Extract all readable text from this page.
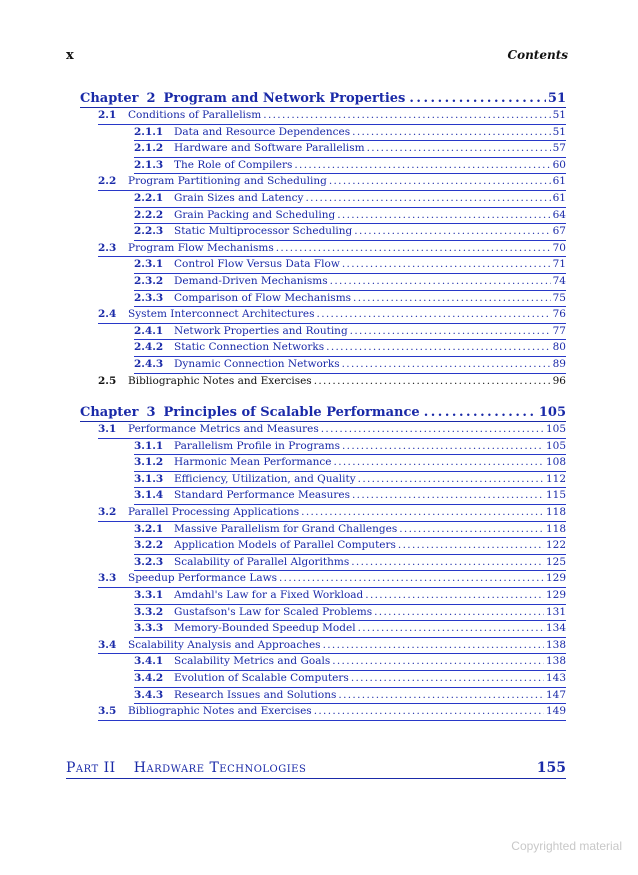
x	Contents
Chapter 2 Program and Network Properties . . .	51
2.1	Conditions of Parallelism . . .	51
2.1.1	Data and Resource Dependences . . .	51
2.1.2	Hardware and Software Parallelism . . .	57
2.1.3	The Role of Compilers . . .	60
2.2	Program Partitioning and Scheduling . . .	61
2.2.1	Grain Sizes and Latency . . .	61
2.2.2	Grain Packing and Scheduling . . .	64
2.2.3	Static Multiprocessor Scheduling . . .	67
2.3	Program Flow Mechanisms . . .	70
2.3.1	Control Flow Versus Data Flow . . .	71
2.3.2	Demand-Driven Mechanisms . . .	74
2.3.3	Comparison of Flow Mechanisms . . .	75
2.4	System Interconnect Architectures . . .	76
2.4.1	Network Properties and Routing . . .	77
2.4.2	Static Connection Networks . . .	80
2.4.3	Dynamic Connection Networks . . .	89
2.5	Bibliographic Notes and Exercises . . .	96
Chapter 3 Principles of Scalable Performance . . .	105
3.1	Performance Metrics and Measures . . .	105
3.1.1	Parallelism Profile in Programs . . .	105
3.1.2	Harmonic Mean Performance . . .	108
3.1.3	Efficiency, Utilization, and Quality . . .	112
3.1.4	Standard Performance Measures . . .	115
3.2	Parallel Processing Applications . . .	118
3.2.1	Massive Parallelism for Grand Challenges . . .	118
3.2.2	Application Models of Parallel Computers . . .	122
3.2.3	Scalability of Parallel Algorithms . . .	125
3.3	Speedup Performance Laws . . .	129
3.3.1	Amdahl's Law for a Fixed Workload . . .	129
3.3.2	Gustafson's Law for Scaled Problems . . .	131
3.3.3	Memory-Bounded Speedup Model . . .	134
3.4	Scalability Analysis and Approaches . . .	138
3.4.1	Scalability Metrics and Goals . . .	138
3.4.2	Evolution of Scalable Computers . . .	143
3.4.3	Research Issues and Solutions . . .	147
3.5	Bibliographic Notes and Exercises . . .	149
Part II Hardware Technologies	155
Copyrighted material
